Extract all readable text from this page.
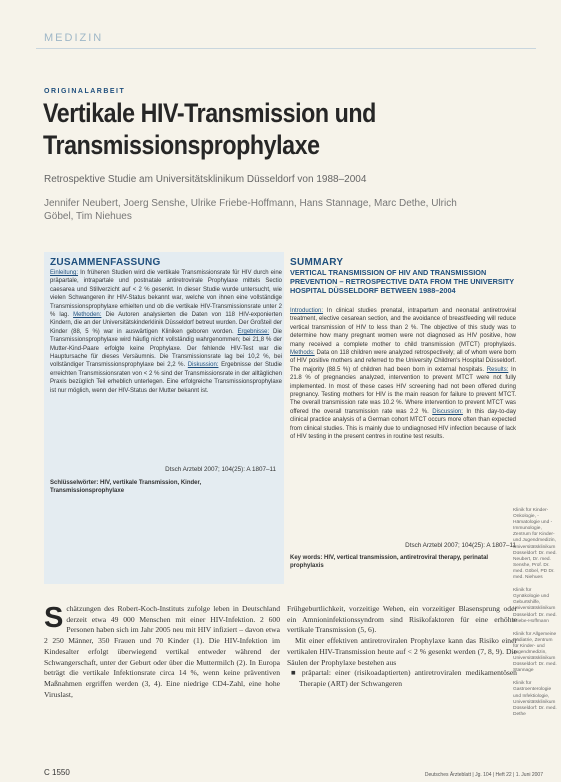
MEDIZIN
ORIGINALARBEIT
Vertikale HIV-Transmission und Transmissionsprophylaxe
Retrospektive Studie am Universitätsklinikum Düsseldorf von 1988–2004
Jennifer Neubert, Joerg Senshe, Ulrike Friebe-Hoffmann, Hans Stannage, Marc Dethe, Ulrich Göbel, Tim Niehues
ZUSAMMENFASSUNG
Einleitung: In früheren Studien wird die vertikale Transmissionsrate für HIV durch eine präpartale, intrapartale und postnatale antiretrovirale Prophylaxe mittels Sectio caesarea und Stillverzicht auf < 2 % gesenkt. In dieser Studie wurde untersucht, wie vielen Schwangeren ihr HIV-Status bekannt war, welche von ihnen eine vollständige Transmissionsprophylaxe erhielten und ob die vertikale HIV-Transmissionsrate unter 2 % lag. Methoden: Die Autoren analysierten die Daten von 118 HIV-exponierten Kindern, die an der Universitätskinderklinik Düsseldorf betreut wurden. Der Großteil der Kinder (88, 5 %) war in auswärtigen Kliniken geboren worden. Ergebnisse: Die Transmissionsprophylaxe wird häufig nicht vollständig wahrgenommen; bei 21,8 % der Mutter-Kind-Paare erfolgte keine Prophylaxe. Der fehlende HIV-Test war die Hauptursache für dieses Versäumnis. Die Transmissionsrate lag bei 10,2 %, bei vollständiger Transmissionsprophylaxe bei 2,2 %. Diskussion: Ergebnisse der Studie erreichten Transmissionsraten von < 2 % sind der Transmissionsrate in der alltäglichen Praxis bezüglich Teil erheblich unterlegen. Eine erfolgreiche Transmissionsprophylaxe ist nur möglich, wenn der HIV-Status der Mutter bekannt ist.
Dtsch Arztebl 2007; 104(25): A 1807–11
Schlüsselwörter: HIV, vertikale Transmission, Kinder, Transmissionsprophylaxe
SUMMARY
VERTICAL TRANSMISSION OF HIV AND TRANSMISSION PREVENTION – RETROSPECTIVE DATA FROM THE UNIVERSITY HOSPITAL DÜSSELDORF BETWEEN 1988–2004
Introduction: In clinical studies prenatal, intrapartum and neonatal antiretroviral treatment, elective cesarean section, and the avoidance of breastfeeding will reduce vertical transmission of HIV to less than 2 %. The objective of this study was to determine how many pregnant women were not diagnosed as HIV positive, how many received a complete mother to child transmission (MTCT) prophylaxis. Methods: Data on 118 children were analyzed retrospectively; all of whom were born of HIV positive mothers and referred to the University Children's Hospital Düsseldorf. The majority (88.5 %) of children had been born in external hospitals. Results: In 21.8 % of pregnancies analyzed, intervention to prevent MTCT were not fully implemented. In most of these cases HIV screening had not been offered during pregnancy. Testing mothers for HIV is the main reason for failure to prevent MTCT. The overall transmission rate was 10.2 %. Where intervention to prevent MTCT was offered the overall transmission rate was 2.2 %. Discussion: In this day-to-day clinical practice analysis of a German cohort MTCT occurs more often than expected from clinical studies. This is mainly due to undiagnosed HIV infection because of lack of HIV testing in the present centres in routine test results.
Dtsch Arztebl 2007; 104(25): A 1807–11
Key words: HIV, vertical transmission, antiretroviral therapy, perinatal prophylaxis

Klinik für Kinder-Onkologie, -Hämatologie und -Immunologie, Zentrum für Kinder- und Jugendmedizin, Universitätsklinikum Düsseldorf: Dr. med. Neubert, Dr. med. Senshe, Prof. Dr. med. Göbel, PD Dr. med. Niehues

Klinik für Gynäkologie und Geburtshilfe, Universitätsklinikum Düsseldorf: Dr. med. Friebe-Hoffmann

Klinik für Allgemeine Pädiatrie, Zentrum für Kinder- und Jugendmedizin, Universitätsklinikum Düsseldorf: Dr. med. Stannage

Klinik für Gastroenterologie und Infektiologie, Universitätsklinikum Düsseldorf: Dr. med. Dethe

Schätzungen des Robert-Koch-Instituts zufolge leben in Deutschland derzeit etwa 49 000 Menschen mit einer HIV-Infektion. 2 600 Personen haben sich im Jahr 2005 neu mit HIV infiziert – davon etwa 2 250 Männer, 350 Frauen und 70 Kinder (1). Die HIV-Infektion im Kindesalter erfolgt überwiegend vertikal entweder während der Schwangerschaft, unter der Geburt oder über die Muttermilch (2). In Europa beträgt die vertikale Infektionsrate circa 14 %, wenn keine präventiven Maßnahmen ergriffen werden (3, 4). Eine niedrige CD4-Zahl, eine hohe Viruslast,
Frühgeburtlichkeit, vorzeitige Wehen, ein vorzeitiger Blasensprung oder ein Amnioninfektionssyndrom sind Risikofaktoren für eine erhöhte vertikale Transmission (5, 6).
Mit einer effektiven antiretroviralen Prophylaxe kann das Risiko einer vertikalen HIV-Transmission heute auf < 2 % gesenkt werden (7, 8, 9). Die Säulen der Prophylaxe bestehen aus
■ präpartal: einer (risikoadaptierten) antiretroviralen medikamentösen Therapie (ART) der Schwangeren
C 1550	Deutsches Ärzteblatt | Jg. 104 | Heft 22 | 1. Juni 2007
